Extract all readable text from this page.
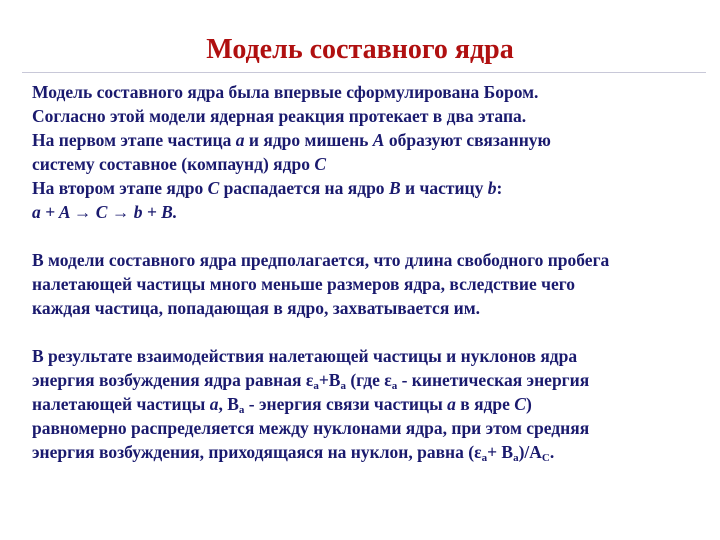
Модель составного ядра
Модель составного ядра была впервые сформулирована Бором.
Согласно этой модели ядерная реакция протекает в два этапа.
На первом этапе частица a и ядро мишень А образуют связанную
систему составное (компаунд) ядро С
На втором этапе ядро С распадается на ядро В и частицу b:
a + A → C → b + B.
В модели составного ядра предполагается, что длина свободного пробега
налетающей частицы много меньше размеров ядра, вследствие чего
каждая частица, попадающая в ядро, захватывается им.
В результате взаимодействия налетающей частицы и нуклонов ядра
энергия возбуждения ядра равная $\varepsilon_a+В_a$ (где $\varepsilon_a$ - кинетическая энергия
налетающей частицы а, $В_a$ - энергия связи частицы a в ядре С)
равномерно распределяется между нуклонами ядра, при этом средняя
энергия возбуждения, приходящаяся на нуклон, равна $(\varepsilon_a+ В_a)/А_C$.
